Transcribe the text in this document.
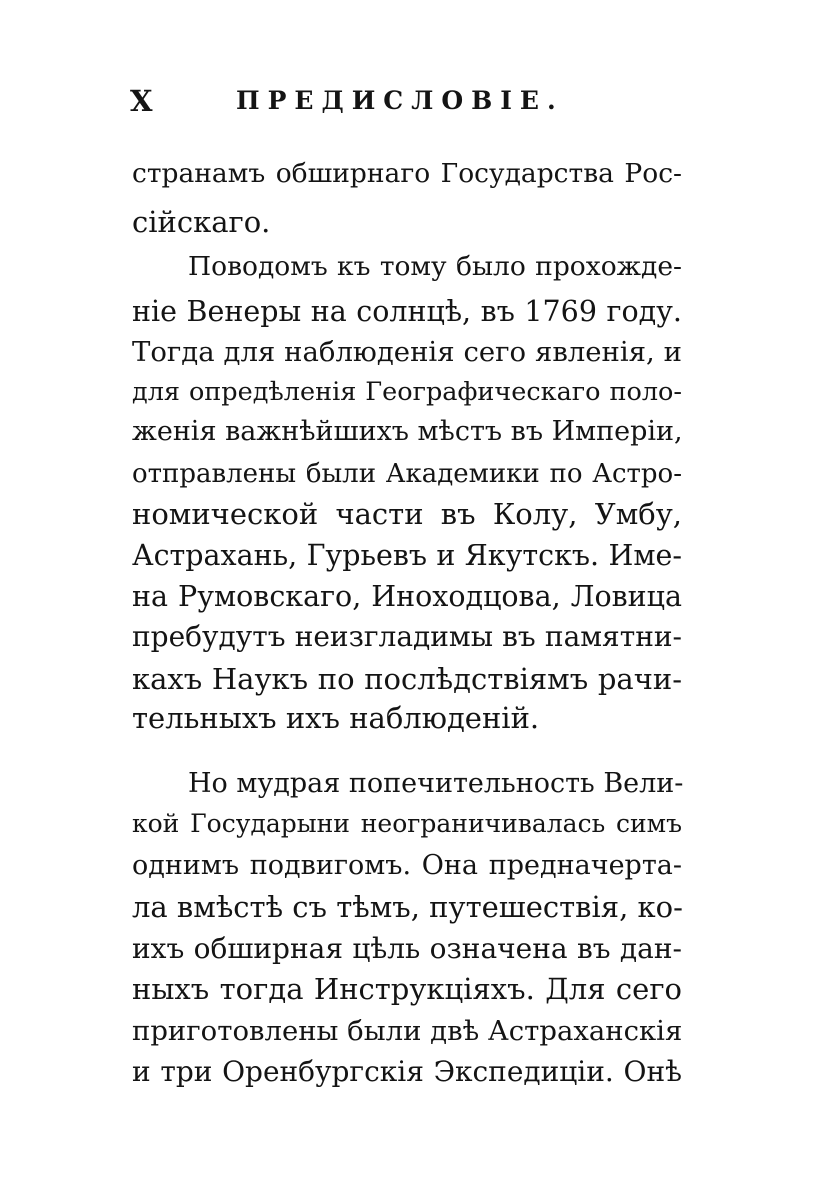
X	ПРЕДИСЛОВІЕ.
странамъ обширнаго Государства Рос-
сійскаго.
Поводомъ къ тому было прохожде-
ніе Венеры на солнцѣ, въ 1769 году.
Тогда для наблюденія сего явленія, и
для опредѣленія Географическаго поло-
женія важнѣйшихъ мѣстъ въ Имперіи,
отправлены были Академики по Астро-
номической части въ Колу, Умбу,
Астрахань, Гурьевъ и Якутскъ. Име-
на Румовскаго, Иноходцова, Ловица
пребудутъ неизгладимы въ памятни-
кахъ Наукъ по послѣдствіямъ рачи-
тельныхъ ихъ наблюденій.
Но мудрая попечительность Вели-
кой Государыни неограничивалась симъ
однимъ подвигомъ. Она предначерта-
ла вмѣстѣ съ тѣмъ, путешествія, ко-
ихъ обширная цѣль означена въ дан-
ныхъ тогда Инструкціяхъ. Для сего
приготовлены были двѣ Астраханскія
и три Оренбургскія Экспедиціи. Онѣ
